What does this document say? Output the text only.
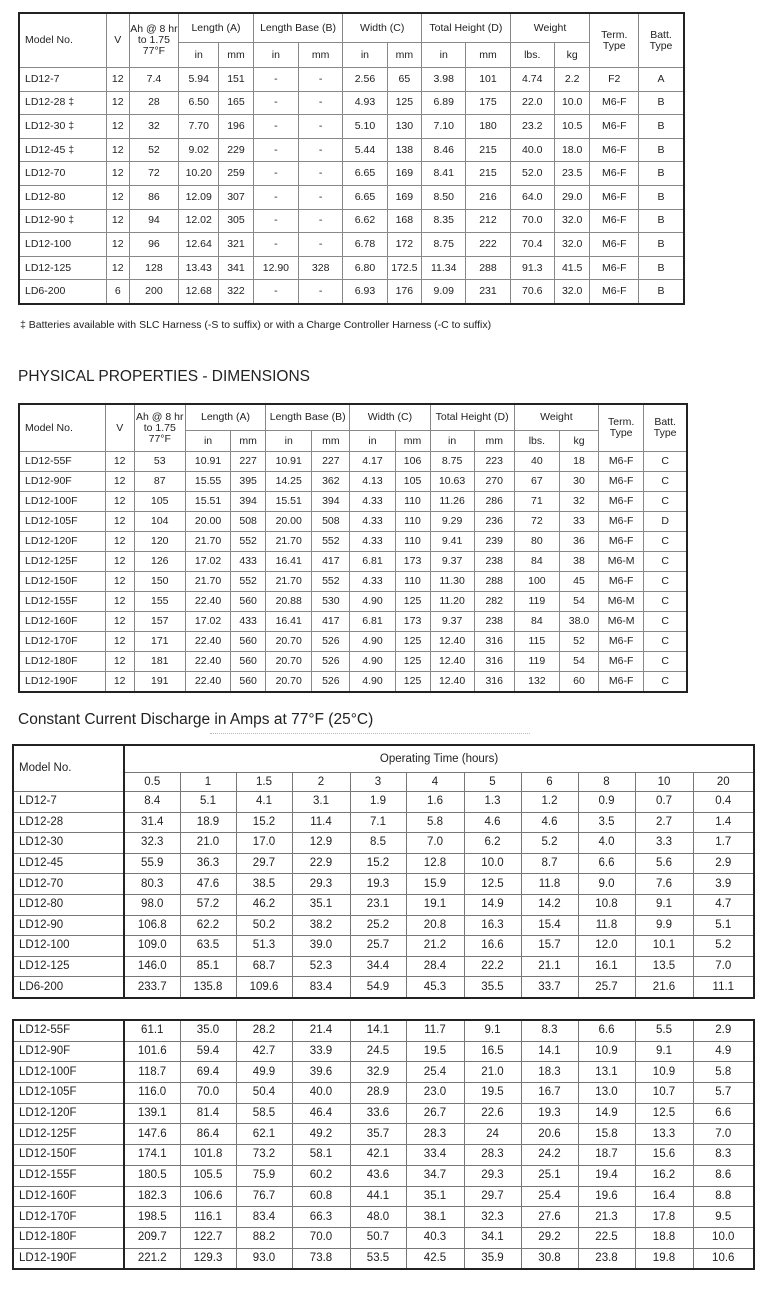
Model No.	V	Ah @ 8 hr to 1.75 77°F	Length (A)		Length Base (B)		Width (C)		Total Height (D)		Weight		Term. Type	Batt. Type
			in	mm	in	mm	in	mm	in	mm	lbs.	kg		
LD12-7	12	7.4	5.94	151	-	-	2.56	65	3.98	101	4.74	2.2	F2	A
LD12-28 ‡	12	28	6.50	165	-	-	4.93	125	6.89	175	22.0	10.0	M6-F	B
LD12-30 ‡	12	32	7.70	196	-	-	5.10	130	7.10	180	23.2	10.5	M6-F	B
LD12-45 ‡	12	52	9.02	229	-	-	5.44	138	8.46	215	40.0	18.0	M6-F	B
LD12-70	12	72	10.20	259	-	-	6.65	169	8.41	215	52.0	23.5	M6-F	B
LD12-80	12	86	12.09	307	-	-	6.65	169	8.50	216	64.0	29.0	M6-F	B
LD12-90 ‡	12	94	12.02	305	-	-	6.62	168	8.35	212	70.0	32.0	M6-F	B
LD12-100	12	96	12.64	321	-	-	6.78	172	8.75	222	70.4	32.0	M6-F	B
LD12-125	12	128	13.43	341	12.90	328	6.80	172.5	11.34	288	91.3	41.5	M6-F	B
LD6-200	6	200	12.68	322	-	-	6.93	176	9.09	231	70.6	32.0	M6-F	B
‡ Batteries available with SLC Harness (-S to suffix) or with a Charge Controller Harness (-C to suffix)
PHYSICAL PROPERTIES - DIMENSIONS
Model No.	V	Ah @ 8 hr to 1.75 77°F	Length (A)		Length Base (B)		Width (C)		Total Height (D)		Weight		Term. Type	Batt. Type
			in	mm	in	mm	in	mm	in	mm	lbs.	kg		
LD12-55F	12	53	10.91	227	10.91	227	4.17	106	8.75	223	40	18	M6-F	C
LD12-90F	12	87	15.55	395	14.25	362	4.13	105	10.63	270	67	30	M6-F	C
LD12-100F	12	105	15.51	394	15.51	394	4.33	110	11.26	286	71	32	M6-F	C
LD12-105F	12	104	20.00	508	20.00	508	4.33	110	9.29	236	72	33	M6-F	D
LD12-120F	12	120	21.70	552	21.70	552	4.33	110	9.41	239	80	36	M6-F	C
LD12-125F	12	126	17.02	433	16.41	417	6.81	173	9.37	238	84	38	M6-M	C
LD12-150F	12	150	21.70	552	21.70	552	4.33	110	11.30	288	100	45	M6-F	C
LD12-155F	12	155	22.40	560	20.88	530	4.90	125	11.20	282	119	54	M6-M	C
LD12-160F	12	157	17.02	433	16.41	417	6.81	173	9.37	238	84	38.0	M6-M	C
LD12-170F	12	171	22.40	560	20.70	526	4.90	125	12.40	316	115	52	M6-F	C
LD12-180F	12	181	22.40	560	20.70	526	4.90	125	12.40	316	119	54	M6-F	C
LD12-190F	12	191	22.40	560	20.70	526	4.90	125	12.40	316	132	60	M6-F	C
Constant Current Discharge in Amps at 77°F (25°C)
Model No.	Operating Time (hours)										
	0.5	1	1.5	2	3	4	5	6	8	10	20
LD12-7	8.4	5.1	4.1	3.1	1.9	1.6	1.3	1.2	0.9	0.7	0.4
LD12-28	31.4	18.9	15.2	11.4	7.1	5.8	4.6	4.6	3.5	2.7	1.4
LD12-30	32.3	21.0	17.0	12.9	8.5	7.0	6.2	5.2	4.0	3.3	1.7
LD12-45	55.9	36.3	29.7	22.9	15.2	12.8	10.0	8.7	6.6	5.6	2.9
LD12-70	80.3	47.6	38.5	29.3	19.3	15.9	12.5	11.8	9.0	7.6	3.9
LD12-80	98.0	57.2	46.2	35.1	23.1	19.1	14.9	14.2	10.8	9.1	4.7
LD12-90	106.8	62.2	50.2	38.2	25.2	20.8	16.3	15.4	11.8	9.9	5.1
LD12-100	109.0	63.5	51.3	39.0	25.7	21.2	16.6	15.7	12.0	10.1	5.2
LD12-125	146.0	85.1	68.7	52.3	34.4	28.4	22.2	21.1	16.1	13.5	7.0
LD6-200	233.7	135.8	109.6	83.4	54.9	45.3	35.5	33.7	25.7	21.6	11.1
LD12-55F	61.1	35.0	28.2	21.4	14.1	11.7	9.1	8.3	6.6	5.5	2.9
LD12-90F	101.6	59.4	42.7	33.9	24.5	19.5	16.5	14.1	10.9	9.1	4.9
LD12-100F	118.7	69.4	49.9	39.6	32.9	25.4	21.0	18.3	13.1	10.9	5.8
LD12-105F	116.0	70.0	50.4	40.0	28.9	23.0	19.5	16.7	13.0	10.7	5.7
LD12-120F	139.1	81.4	58.5	46.4	33.6	26.7	22.6	19.3	14.9	12.5	6.6
LD12-125F	147.6	86.4	62.1	49.2	35.7	28.3	24	20.6	15.8	13.3	7.0
LD12-150F	174.1	101.8	73.2	58.1	42.1	33.4	28.3	24.2	18.7	15.6	8.3
LD12-155F	180.5	105.5	75.9	60.2	43.6	34.7	29.3	25.1	19.4	16.2	8.6
LD12-160F	182.3	106.6	76.7	60.8	44.1	35.1	29.7	25.4	19.6	16.4	8.8
LD12-170F	198.5	116.1	83.4	66.3	48.0	38.1	32.3	27.6	21.3	17.8	9.5
LD12-180F	209.7	122.7	88.2	70.0	50.7	40.3	34.1	29.2	22.5	18.8	10.0
LD12-190F	221.2	129.3	93.0	73.8	53.5	42.5	35.9	30.8	23.8	19.8	10.6
